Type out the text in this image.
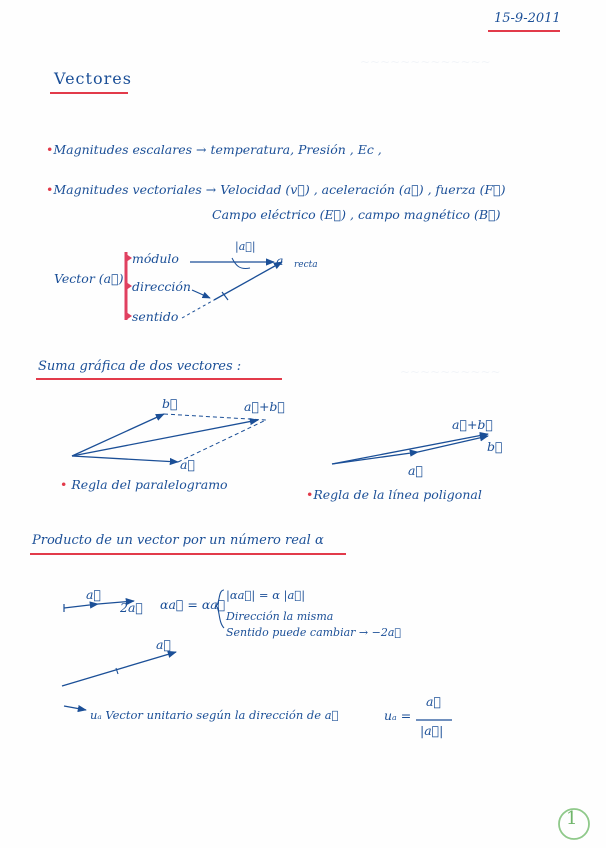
~~~~~~~~~~~~~
~~~~~~~~~~
15-9-2011
Vectores
•Magnitudes escalares → temperatura, Presión , Ec ,
•Magnitudes vectoriales → Velocidad (v⃗) , aceleración (a⃗) , fuerza (F⃗)
Campo eléctrico (E⃗) , campo magnético (B⃗)
Vector (a⃗)
módulo
dirección
sentido
|a⃗|
a recta
Suma gráfica de dos vectores :
b⃗	a⃗+b⃗
a⃗
• Regla del paralelogramo
a⃗+b⃗
b⃗
a⃗
•Regla de la línea poligonal
Producto de un vector por un número real α
a⃗
2a⃗ αa⃗ = αa⃗
|αa⃗| = α |a⃗|
Dirección la misma
Sentido puede cambiar → −2a⃗
a⃗
uₐ Vector unitario según la dirección de a⃗	uₐ =
a⃗
|a⃗|
1
